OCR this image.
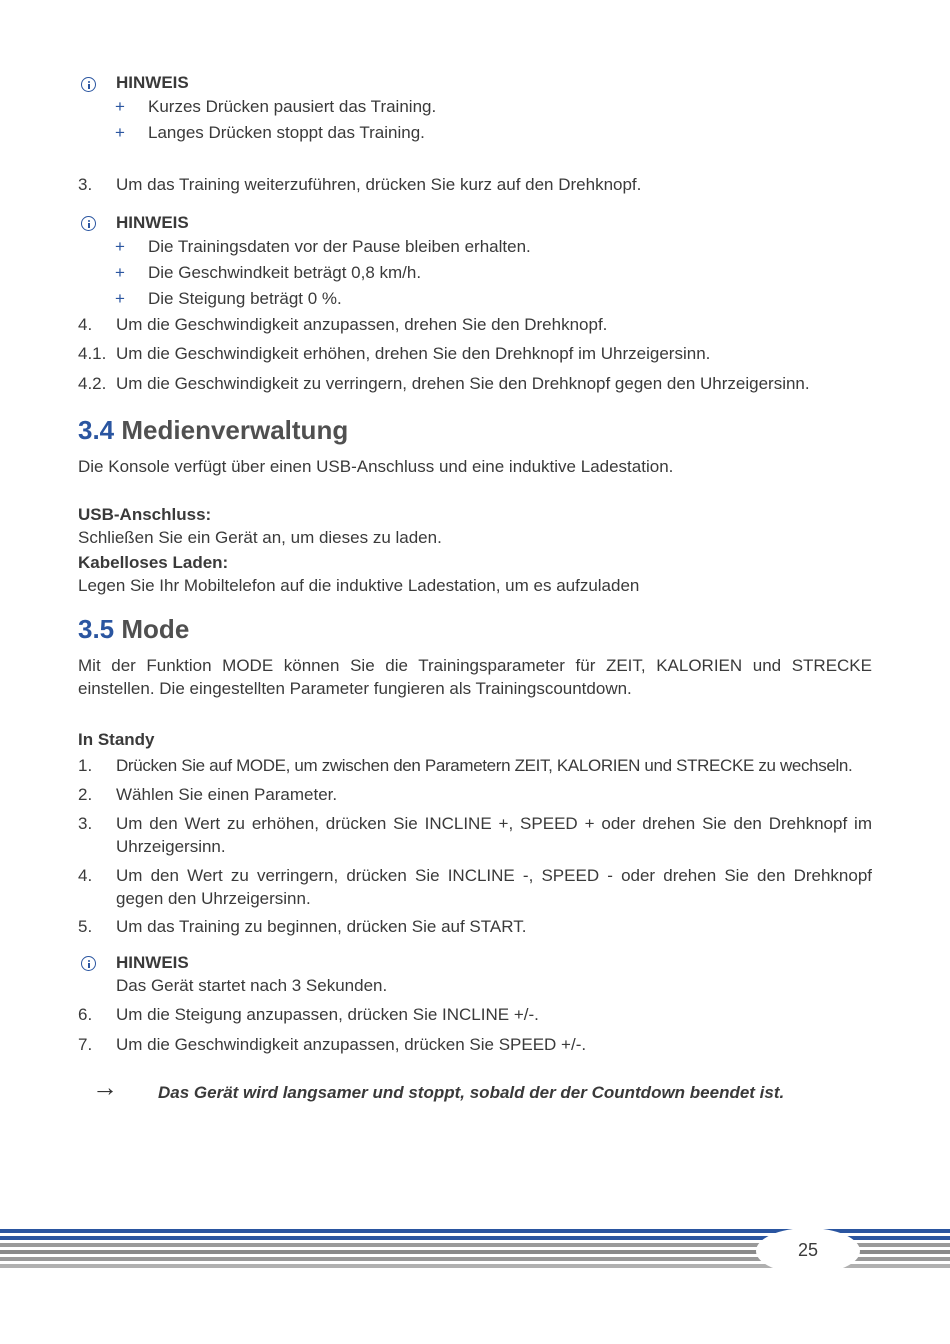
HINWEIS
+ Kurzes Drücken pausiert das Training.
+ Langes Drücken stoppt das Training.
3. Um das Training weiterzuführen, drücken Sie kurz auf den Drehknopf.
HINWEIS
+ Die Trainingsdaten vor der Pause bleiben erhalten.
+ Die Geschwindkeit beträgt 0,8 km/h.
+ Die Steigung beträgt 0 %.
4. Um die Geschwindigkeit anzupassen, drehen Sie den Drehknopf.
4.1. Um die Geschwindigkeit erhöhen, drehen Sie den Drehknopf im Uhrzeigersinn.
4.2. Um die Geschwindigkeit zu verringern, drehen Sie den Drehknopf gegen den Uhrzeigersinn.
3.4 Medienverwaltung
Die Konsole verfügt über einen USB-Anschluss und eine induktive Ladestation.
USB-Anschluss:
Schließen Sie ein Gerät an, um dieses zu laden.
Kabelloses Laden:
Legen Sie Ihr Mobiltelefon auf die induktive Ladestation, um es aufzuladen
3.5 Mode
Mit der Funktion MODE können Sie die Trainingsparameter für ZEIT, KALORIEN und STRECKE einstellen. Die eingestellten Parameter fungieren als Trainingscountdown.
In Standy
1. Drücken Sie auf MODE, um zwischen den Parametern ZEIT, KALORIEN und STRECKE zu wechseln.
2. Wählen Sie einen Parameter.
3. Um den Wert zu erhöhen, drücken Sie INCLINE +, SPEED + oder drehen Sie den Drehknopf im Uhrzeigersinn.
4. Um den Wert zu verringern, drücken Sie INCLINE -, SPEED - oder drehen Sie den Drehknopf gegen den Uhrzeigersinn.
5. Um das Training zu beginnen, drücken Sie auf START.
HINWEIS
Das Gerät startet nach 3 Sekunden.
6. Um die Steigung anzupassen, drücken Sie INCLINE +/-.
7. Um die Geschwindigkeit anzupassen, drücken Sie SPEED +/-.
→ Das Gerät wird langsamer und stoppt, sobald der der Countdown beendet ist.
25
